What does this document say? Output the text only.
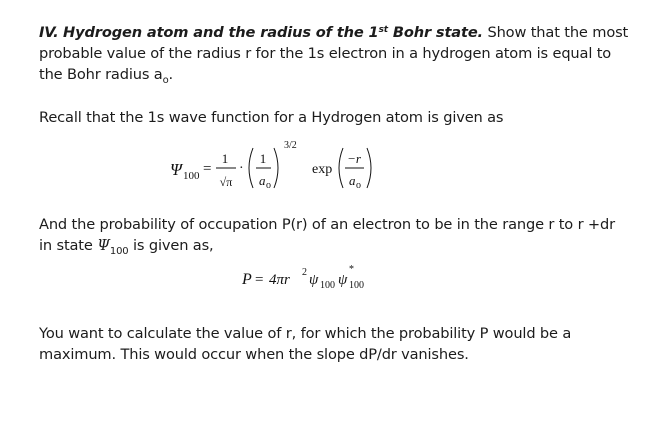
IV. Hydrogen atom and the radius of the 1st Bohr state. Show that the most probable value of the radius r for the 1s electron in a hydrogen atom is equal to the Bohr radius $a_o$.

Recall that the 1s wave function for a Hydrogen atom is given as

Ψ 100 =
1
√π
·
1
a o
3/2
exp
−r
a o

And the probability of occupation P(r) of an electron to be in the range r to r +dr
in state $\Psi_{100}$ is given as,

P = 4πr 2 ψ 100 ψ
*
100

You want to calculate the value of r, for which the probability P would be a maximum. This would occur when the slope dP/dr vanishes.
